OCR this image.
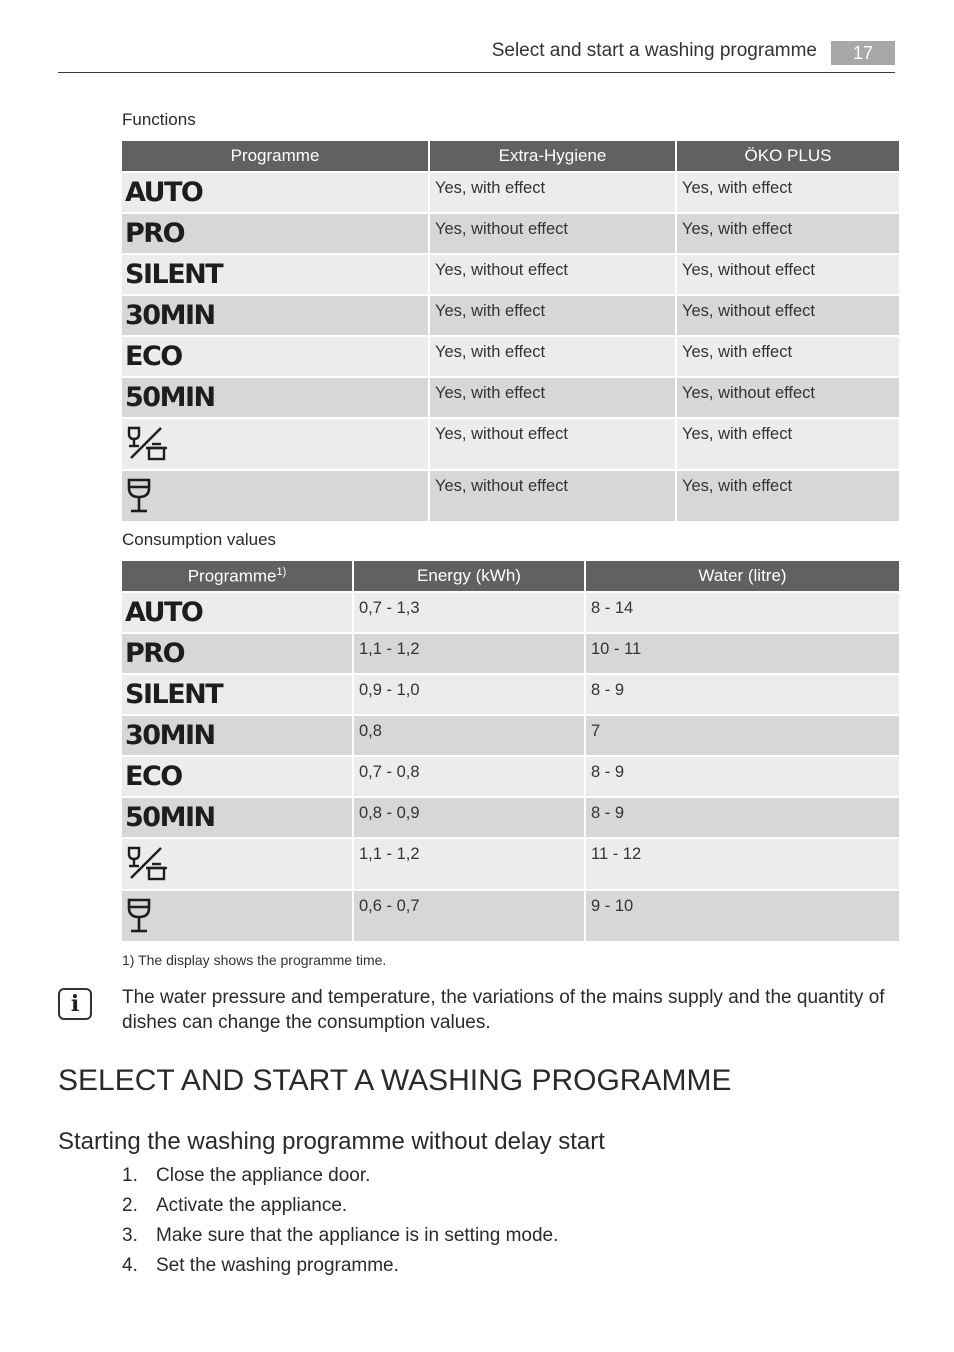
Select and start a washing programme	17
Functions
Programme	Extra-Hygiene	ÖKO PLUS
AUTO	Yes, with effect	Yes, with effect
PRO	Yes, without effect	Yes, with effect
SILENT	Yes, without effect	Yes, without effect
30MIN	Yes, with effect	Yes, without effect
ECO	Yes, with effect	Yes, with effect
50MIN	Yes, with effect	Yes, without effect

	Yes, without effect	Yes, with effect

	Yes, without effect	Yes, with effect
Consumption values
Programme$^{1)}$	Energy (kWh)	Water (litre)
AUTO	0,7 - 1,3	8 - 14
PRO	1,1 - 1,2	10 - 11
SILENT	0,9 - 1,0	8 - 9
30MIN	0,8	7
ECO	0,7 - 0,8	8 - 9
50MIN	0,8 - 0,9	8 - 9

	1,1 - 1,2	11 - 12

	0,6 - 0,7	9 - 10
1) The display shows the programme time.
i	The water pressure and temperature, the variations of the mains supply and the quantity of dishes can change the consumption values.
SELECT AND START A WASHING PROGRAMME
Starting the washing programme without delay start
1. Close the appliance door.
2. Activate the appliance.
3. Make sure that the appliance is in setting mode.
4. Set the washing programme.
